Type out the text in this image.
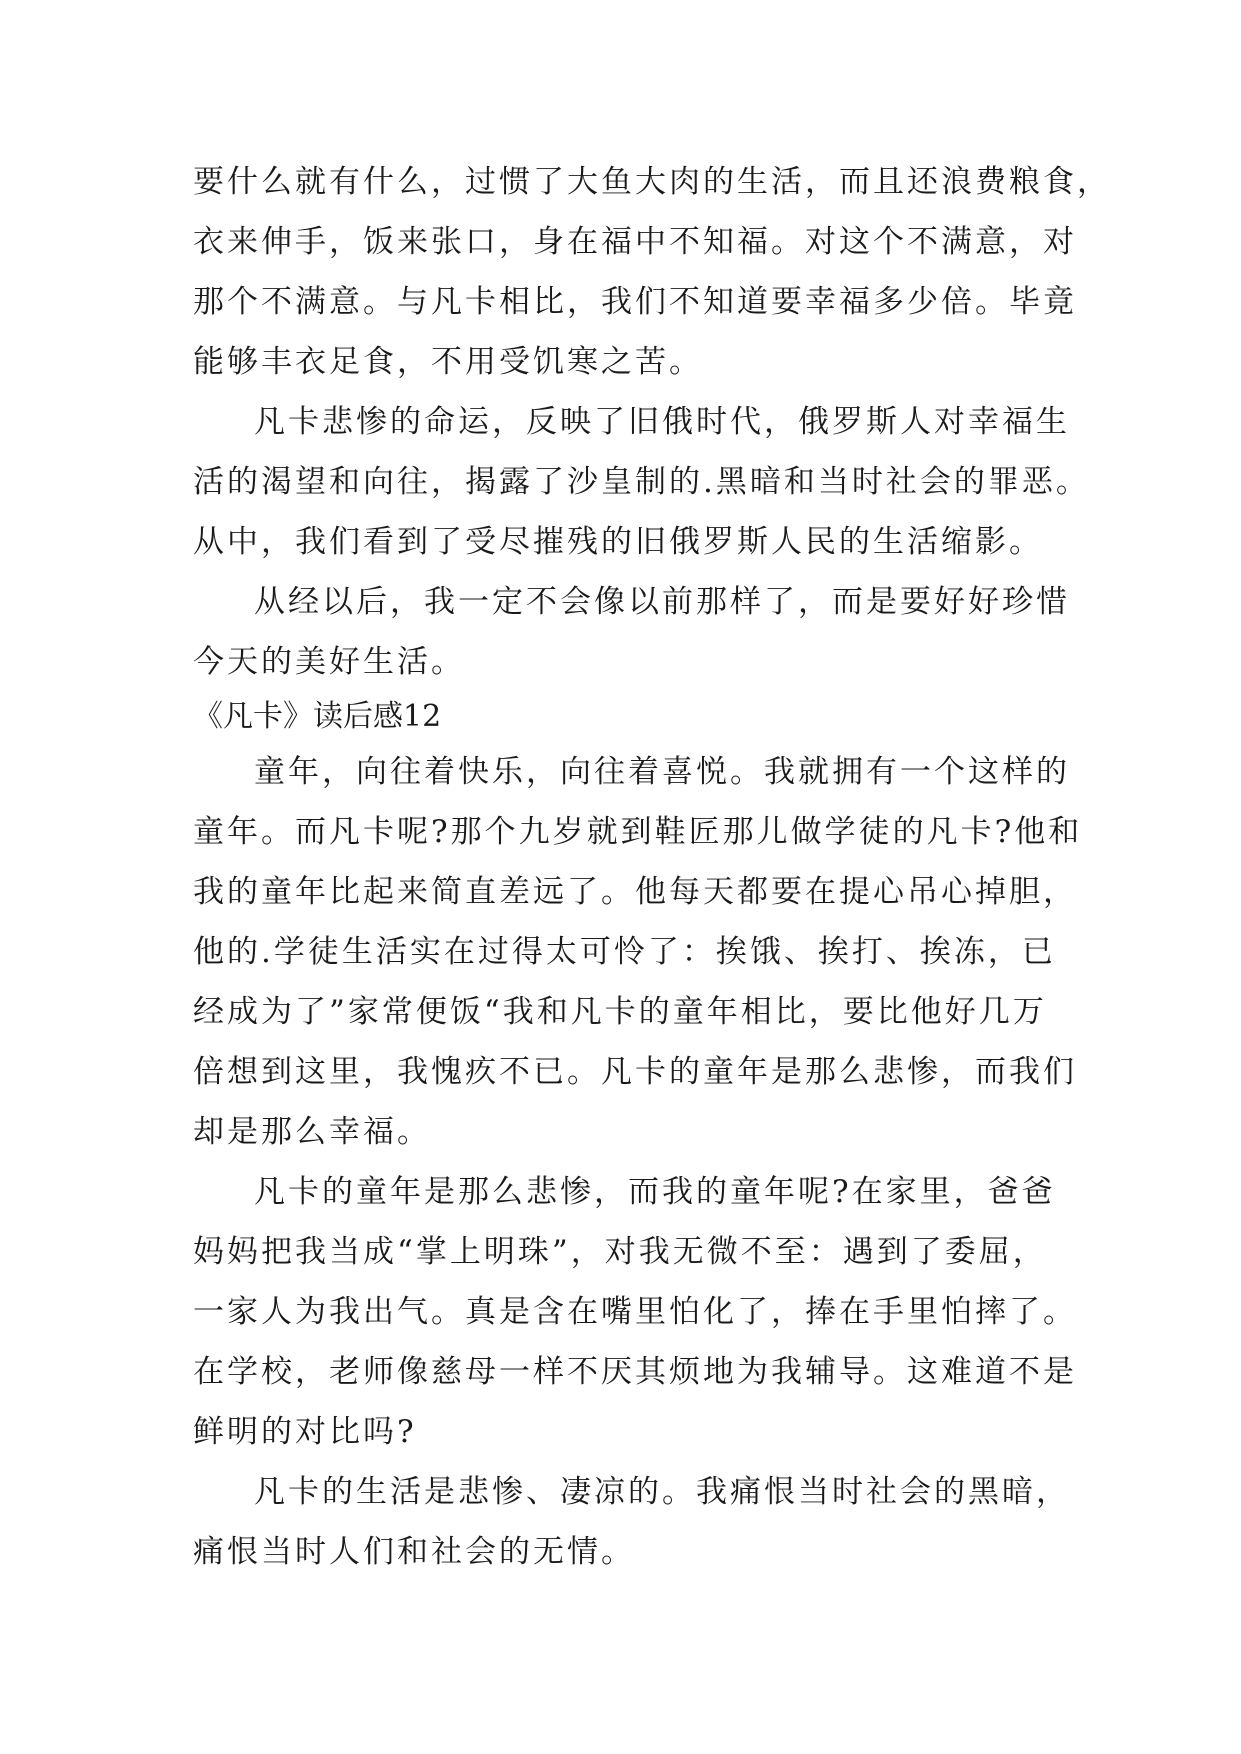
要什么就有什么，过惯了大鱼大肉的生活，而且还浪费粮食，
衣来伸手，饭来张口，身在福中不知福。对这个不满意，对
那个不满意。与凡卡相比，我们不知道要幸福多少倍。毕竟
能够丰衣足食，不用受饥寒之苦。
凡卡悲惨的命运，反映了旧俄时代，俄罗斯人对幸福生
活的渴望和向往，揭露了沙皇制的.黑暗和当时社会的罪恶。
从中，我们看到了受尽摧残的旧俄罗斯人民的生活缩影。
从经以后，我一定不会像以前那样了，而是要好好珍惜
今天的美好生活。
《凡卡》读后感12
童年，向往着快乐，向往着喜悦。我就拥有一个这样的
童年。而凡卡呢?那个九岁就到鞋匠那儿做学徒的凡卡?他和
我的童年比起来简直差远了。他每天都要在提心吊心掉胆，
他的.学徒生活实在过得太可怜了：挨饿、挨打、挨冻，已
经成为了”家常便饭“我和凡卡的童年相比，要比他好几万
倍想到这里，我愧疚不已。凡卡的童年是那么悲惨，而我们
却是那么幸福。
凡卡的童年是那么悲惨，而我的童年呢?在家里，爸爸
妈妈把我当成“掌上明珠”，对我无微不至：遇到了委屈，
一家人为我出气。真是含在嘴里怕化了，捧在手里怕摔了。
在学校，老师像慈母一样不厌其烦地为我辅导。这难道不是
鲜明的对比吗?
凡卡的生活是悲惨、凄凉的。我痛恨当时社会的黑暗，
痛恨当时人们和社会的无情。
